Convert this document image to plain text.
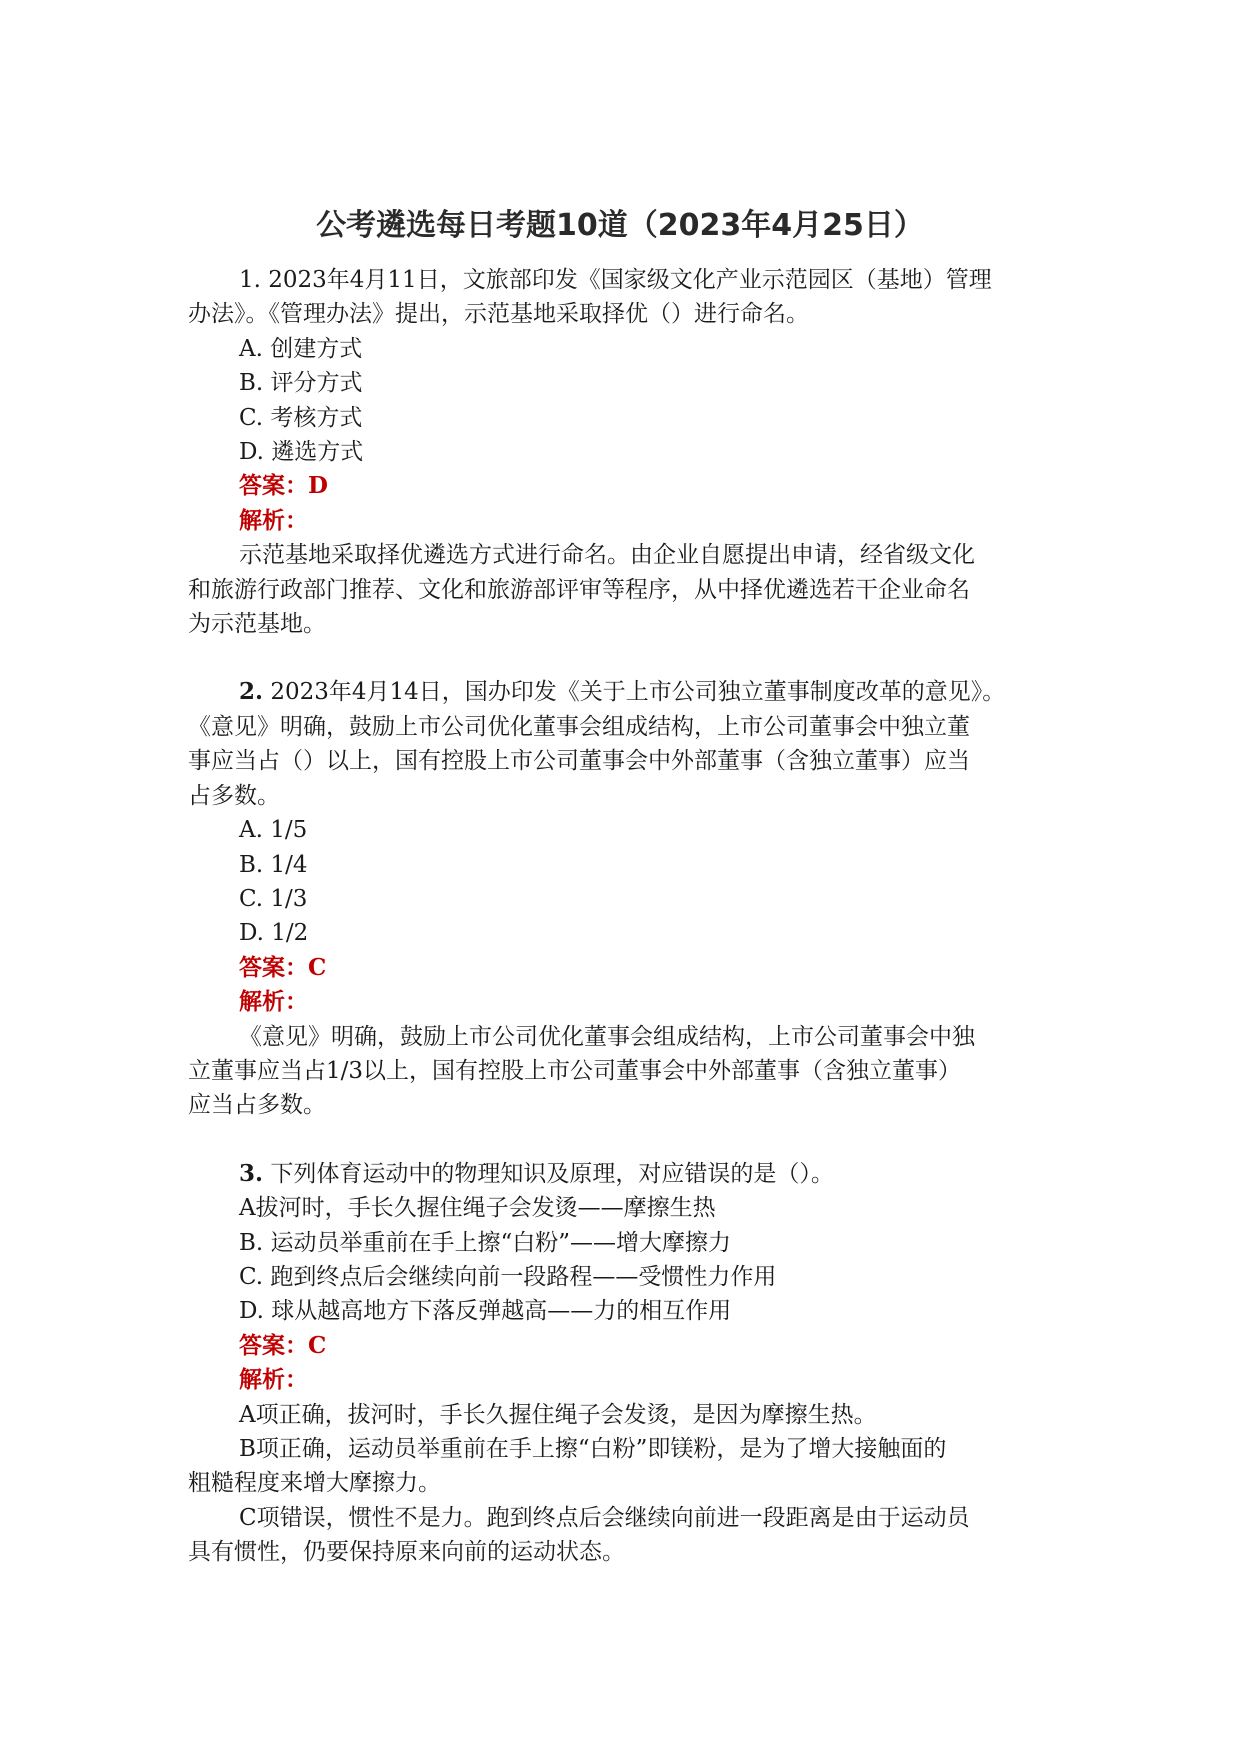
公考遴选每日考题10道（2023年4月25日）
1. 2023年4月11日，文旅部印发《国家级文化产业示范园区（基地）管理
办法》。《管理办法》提出，示范基地采取择优（）进行命名。
A. 创建方式
B. 评分方式
C. 考核方式
D. 遴选方式
答案：D
解析：
示范基地采取择优遴选方式进行命名。由企业自愿提出申请，经省级文化
和旅游行政部门推荐、文化和旅游部评审等程序，从中择优遴选若干企业命名
为示范基地。
2. 2023年4月14日，国办印发《关于上市公司独立董事制度改革的意见》。
《意见》明确，鼓励上市公司优化董事会组成结构，上市公司董事会中独立董
事应当占（）以上，国有控股上市公司董事会中外部董事（含独立董事）应当
占多数。
A. 1/5
B. 1/4
C. 1/3
D. 1/2
答案：C
解析：
《意见》明确，鼓励上市公司优化董事会组成结构，上市公司董事会中独
立董事应当占1/3以上，国有控股上市公司董事会中外部董事（含独立董事）
应当占多数。
3. 下列体育运动中的物理知识及原理，对应错误的是（）。
A拔河时，手长久握住绳子会发烫——摩擦生热
B. 运动员举重前在手上擦“白粉”——增大摩擦力
C. 跑到终点后会继续向前一段路程——受惯性力作用
D. 球从越高地方下落反弹越高——力的相互作用
答案：C
解析：
A项正确，拔河时，手长久握住绳子会发烫，是因为摩擦生热。
B项正确，运动员举重前在手上擦“白粉”即镁粉，是为了增大接触面的
粗糙程度来增大摩擦力。
C项错误，惯性不是力。跑到终点后会继续向前进一段距离是由于运动员
具有惯性，仍要保持原来向前的运动状态。
